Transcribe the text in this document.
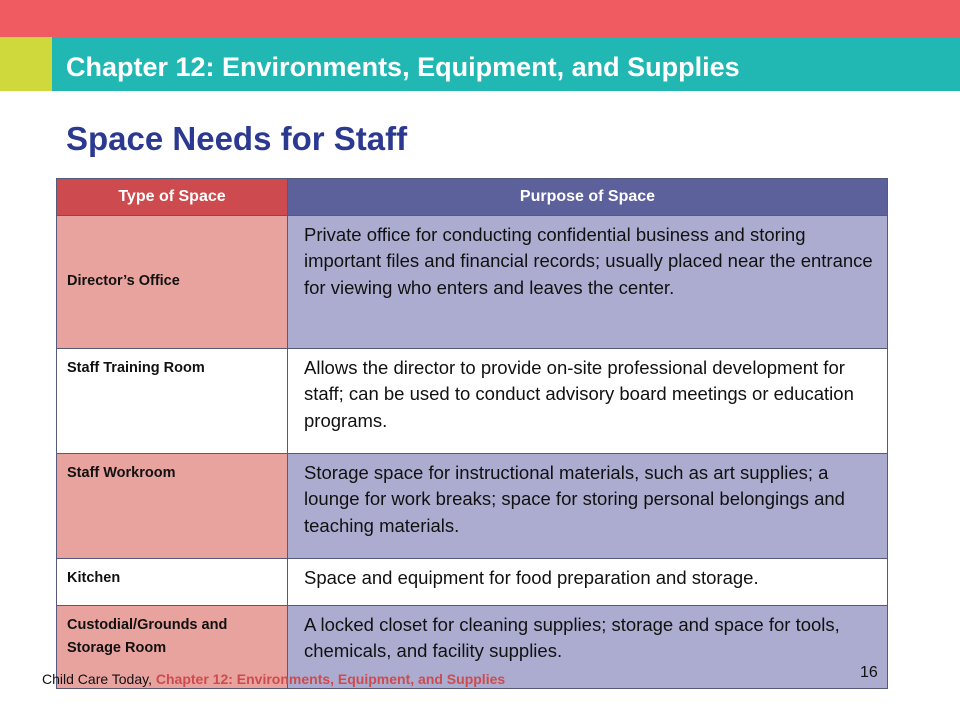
Chapter 12: Environments, Equipment, and Supplies
Space Needs for Staff
Type of Space	Purpose of Space
Director’s Office	Private office for conducting confidential business and storing important files and financial records; usually placed near the entrance for viewing who enters and leaves the center.
Staff Training Room	Allows the director to provide on-site professional development for staff; can be used to conduct advisory board meetings or education programs.
Staff Workroom	Storage space for instructional materials, such as art supplies; a lounge for work breaks; space for storing personal belongings and teaching materials.
Kitchen	Space and equipment for food preparation and storage.
Custodial/Grounds and Storage Room	A locked closet for cleaning supplies; storage and space for tools, chemicals, and facility supplies.
Child Care Today, Chapter 12: Environments, Equipment, and Supplies	16
